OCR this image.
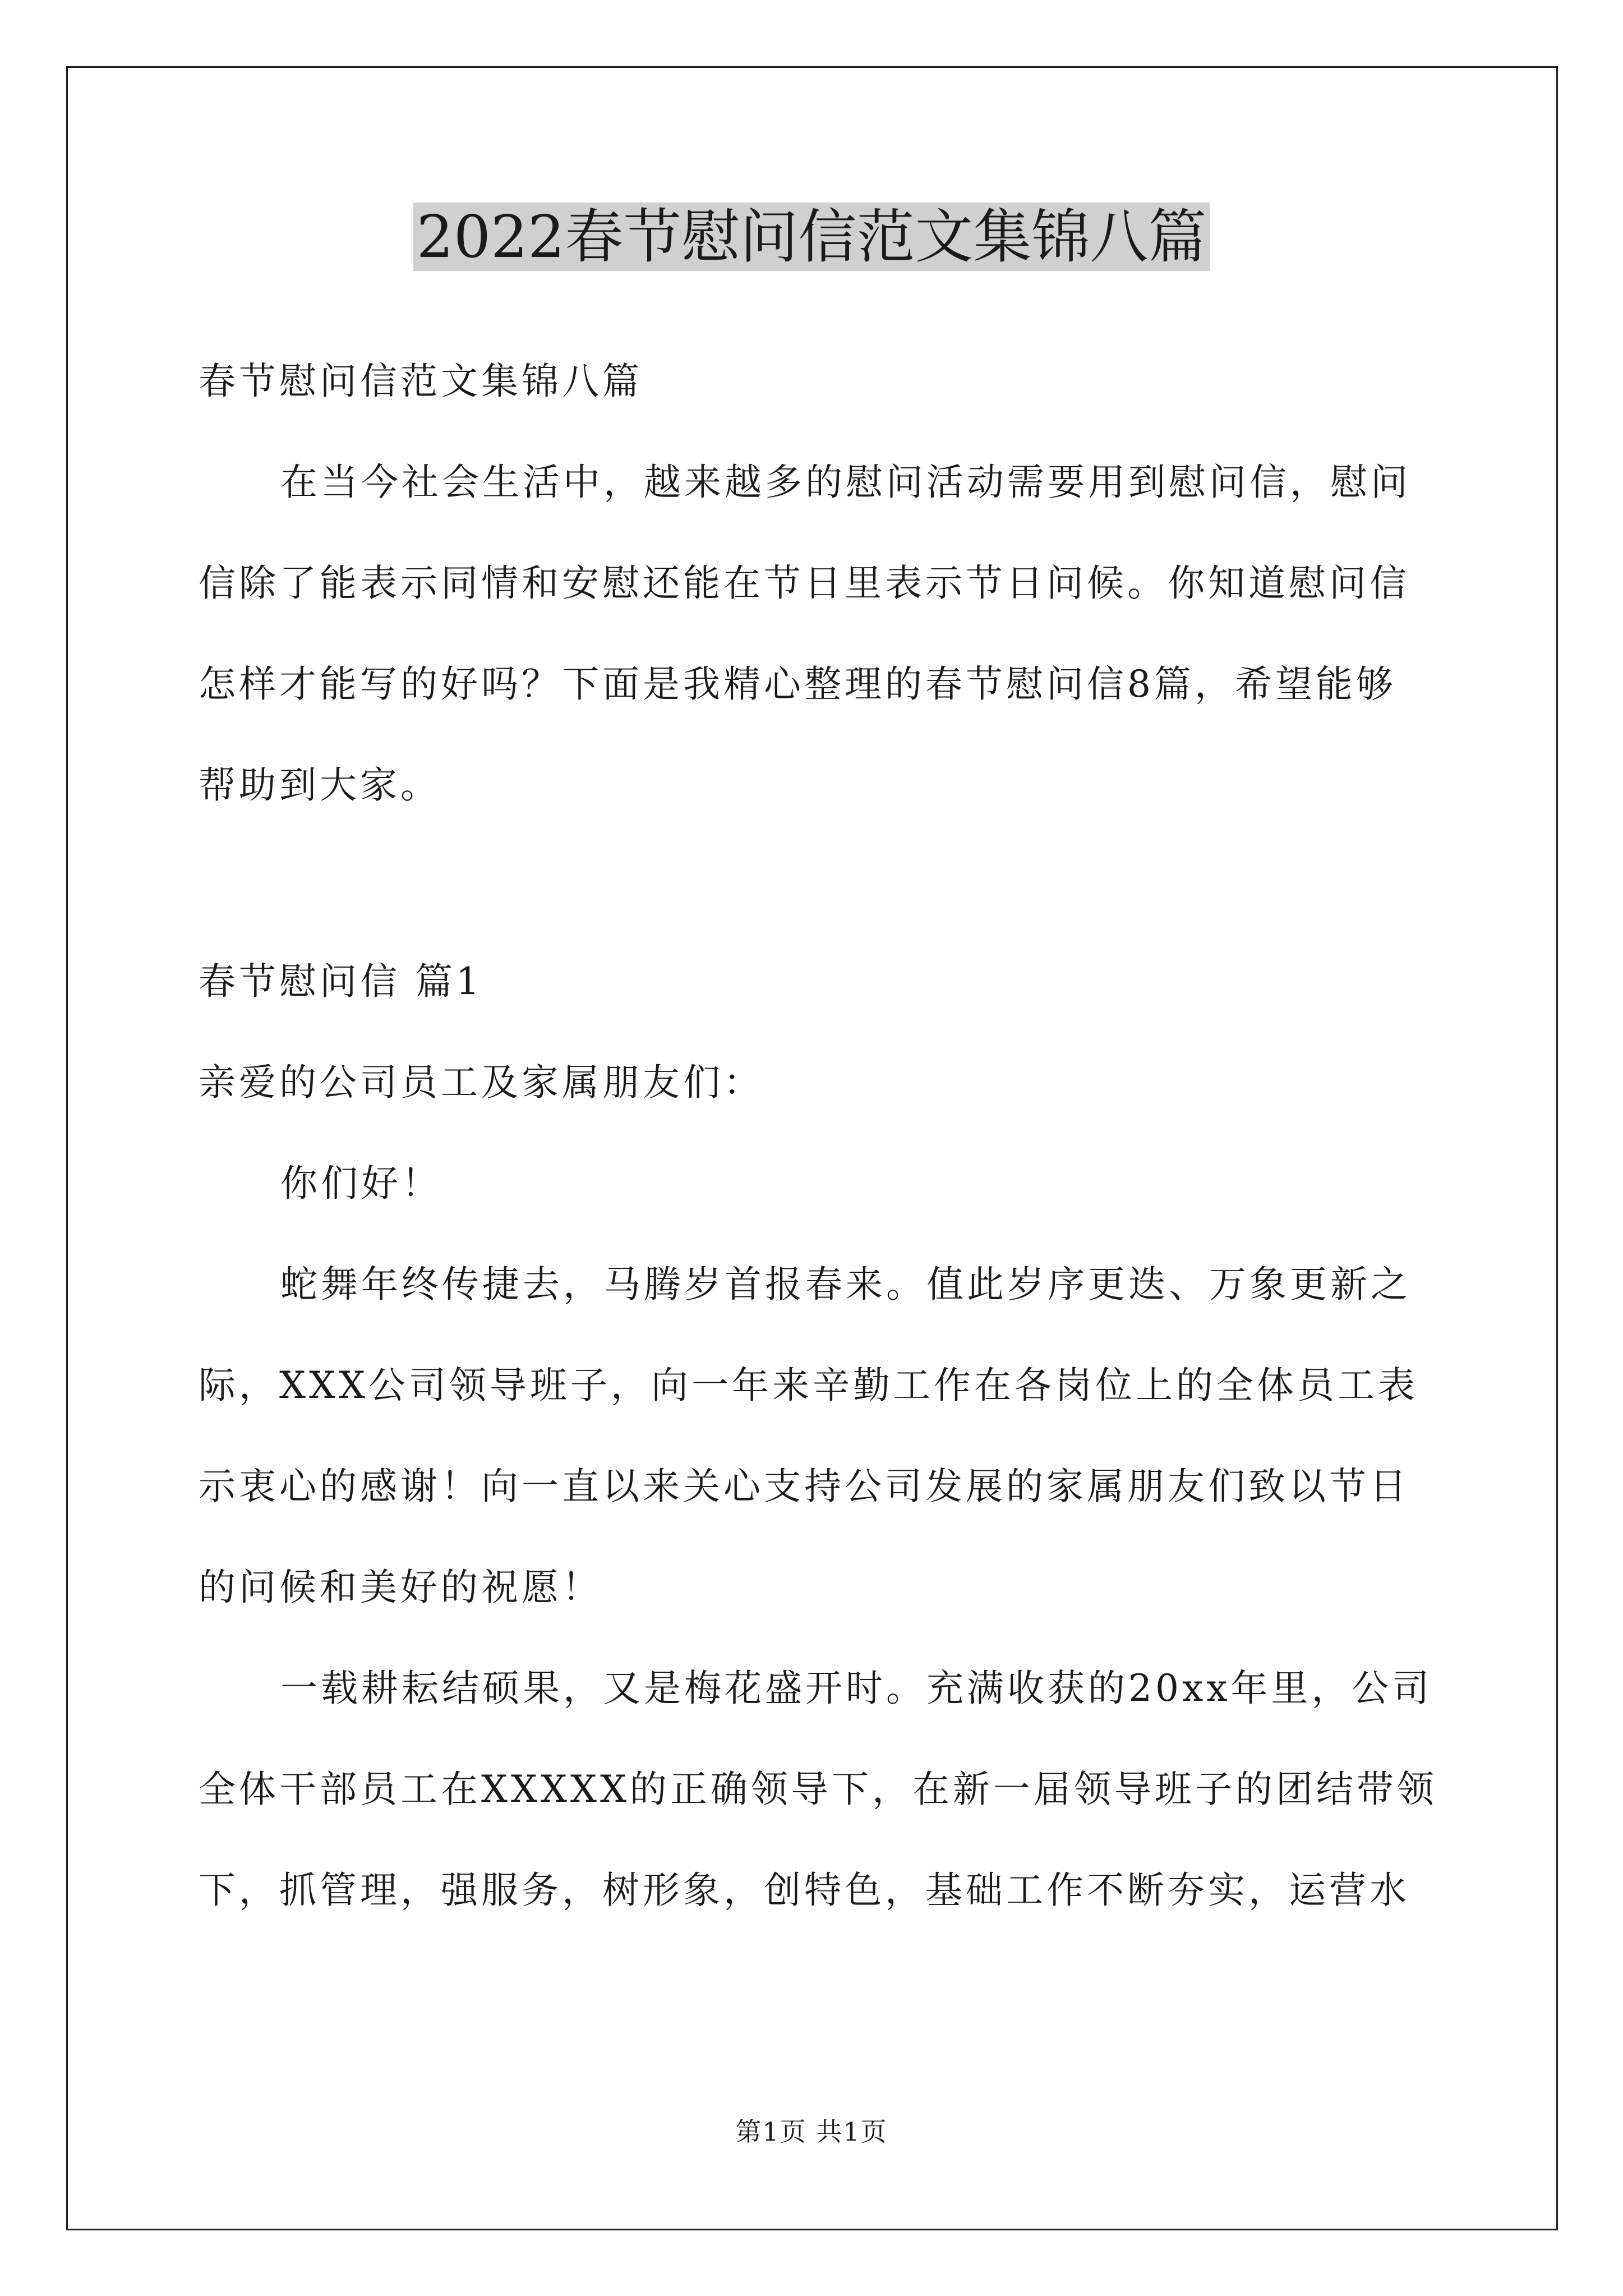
2022春节慰问信范文集锦八篇

春节慰问信范文集锦八篇

在当今社会生活中，越来越多的慰问活动需要用到慰问信，慰问

信除了能表示同情和安慰还能在节日里表示节日问候。你知道慰问信

怎样才能写的好吗？下面是我精心整理的春节慰问信8篇，希望能够

帮助到大家。

春节慰问信 篇1

亲爱的公司员工及家属朋友们：

你们好！

蛇舞年终传捷去，马腾岁首报春来。值此岁序更迭、万象更新之

际，XXX公司领导班子，向一年来辛勤工作在各岗位上的全体员工表

示衷心的感谢！向一直以来关心支持公司发展的家属朋友们致以节日

的问候和美好的祝愿！

一载耕耘结硕果，又是梅花盛开时。充满收获的20xx年里，公司

全体干部员工在XXXXX的正确领导下，在新一届领导班子的团结带领

下，抓管理，强服务，树形象，创特色，基础工作不断夯实，运营水

第1页 共1页
